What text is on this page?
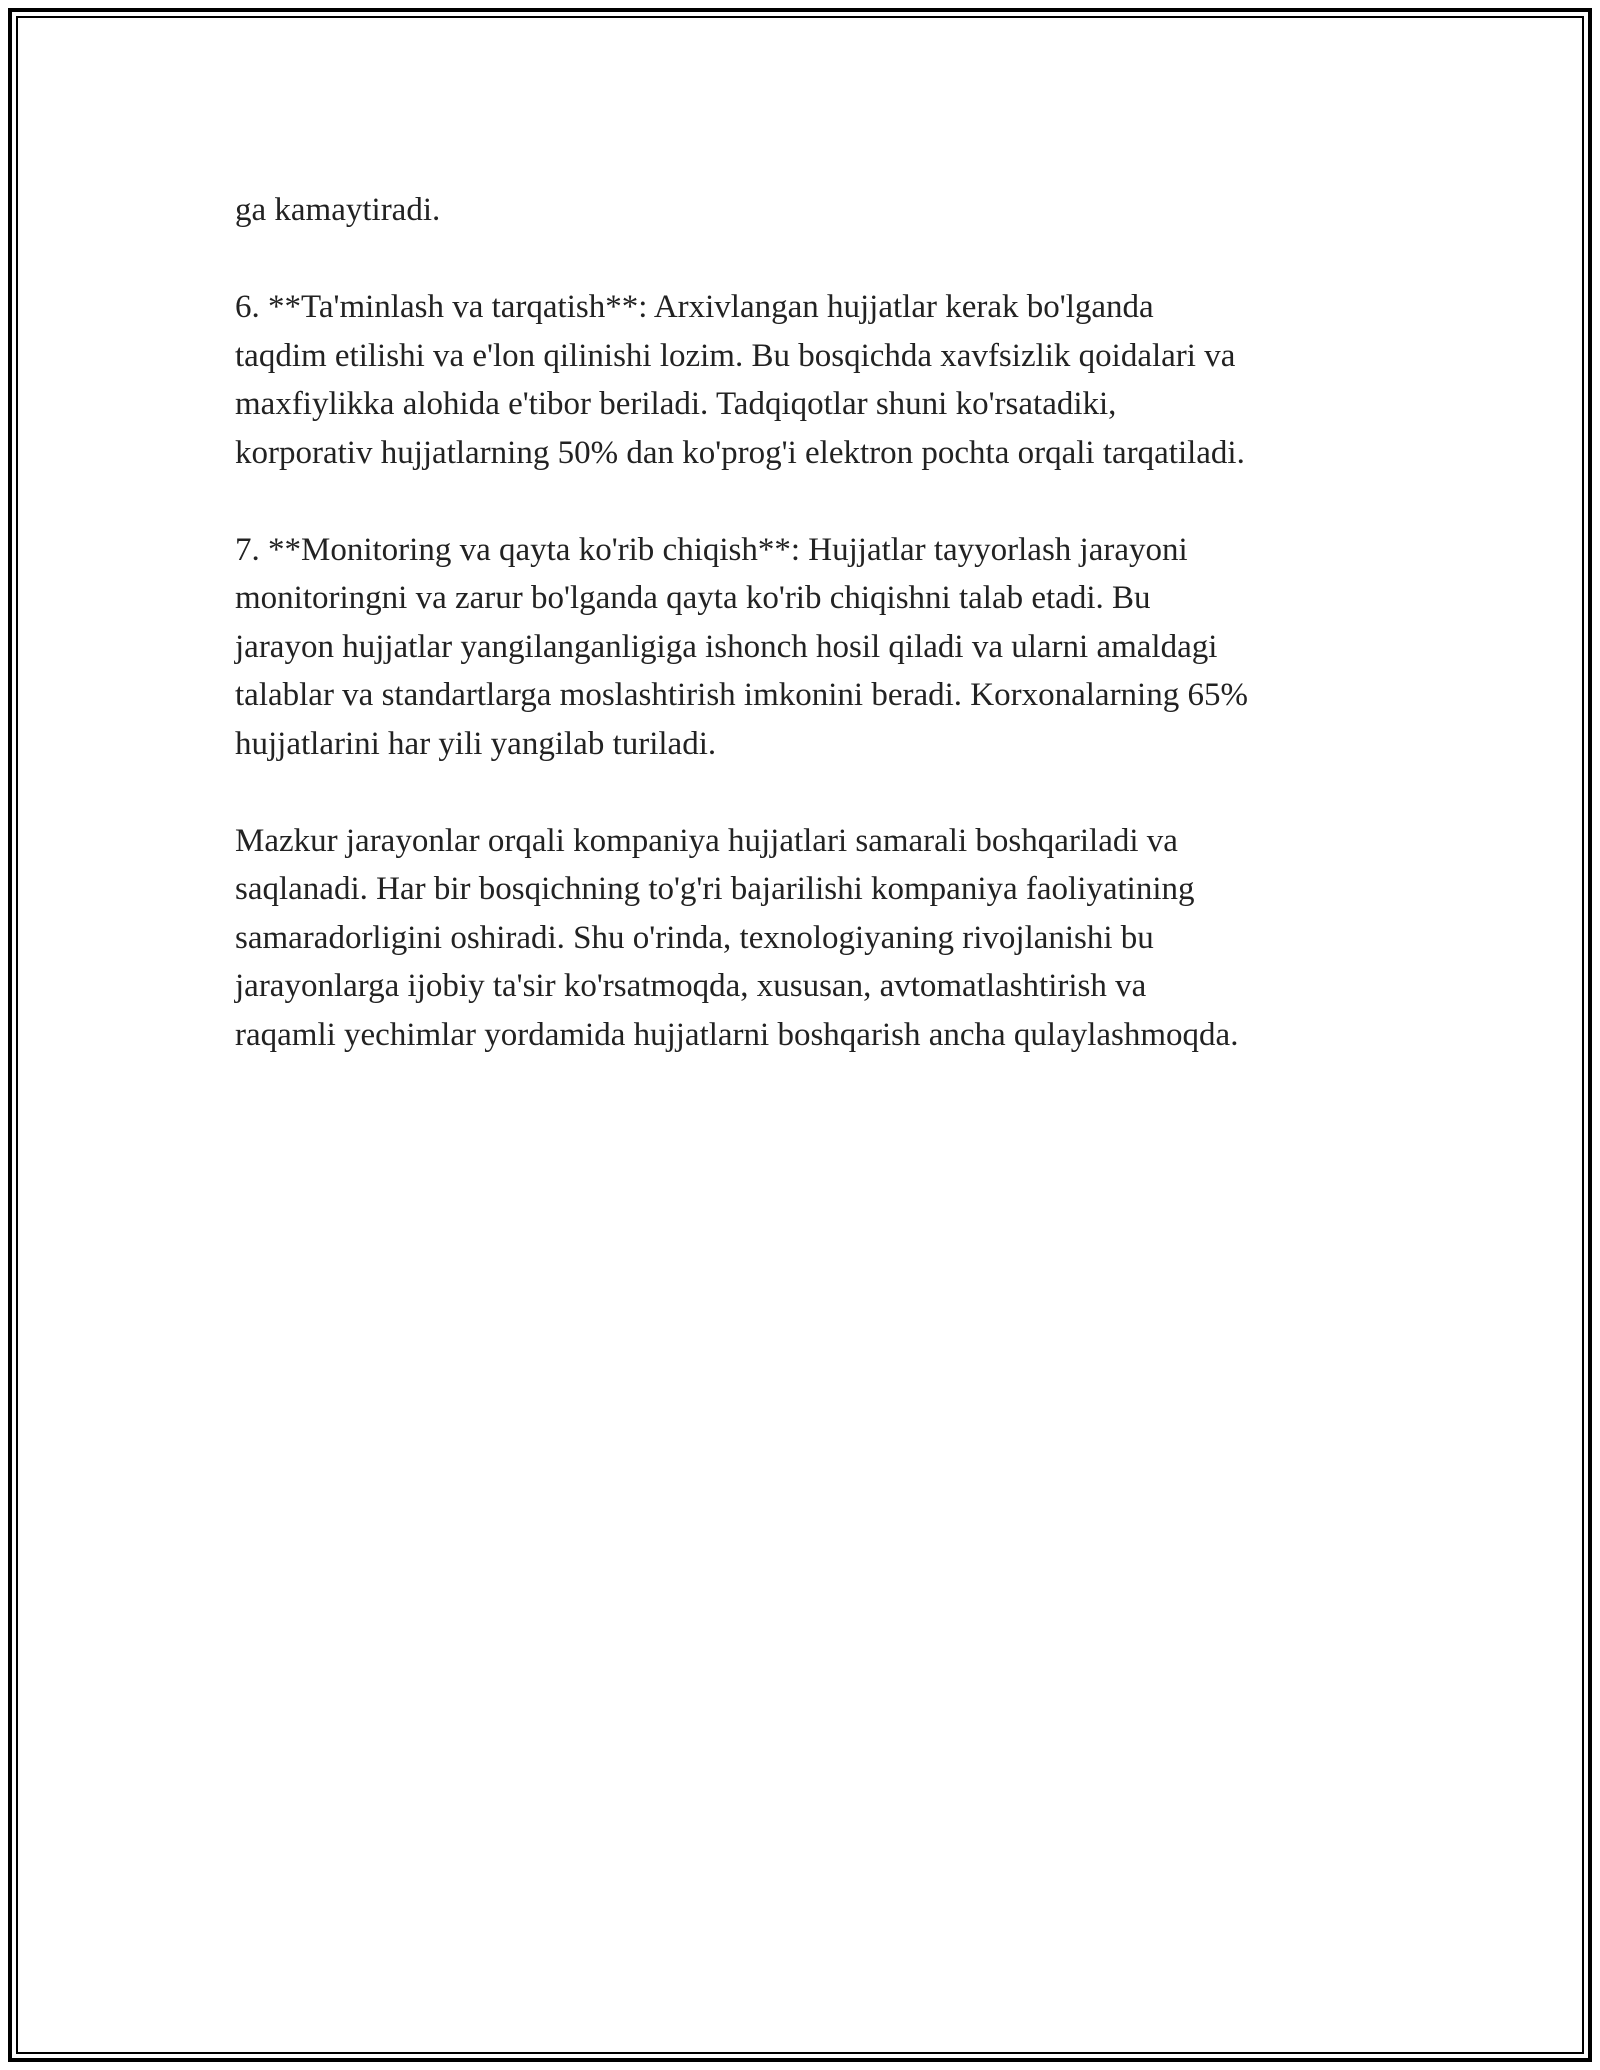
ga kamaytiradi.

6. **Ta'minlash va tarqatish**: Arxivlangan hujjatlar kerak bo'lganda
taqdim etilishi va e'lon qilinishi lozim. Bu bosqichda xavfsizlik qoidalari va
maxfiylikka alohida e'tibor beriladi. Tadqiqotlar shuni ko'rsatadiki,
korporativ hujjatlarning 50% dan ko'prog'i elektron pochta orqali tarqatiladi.

7. **Monitoring va qayta ko'rib chiqish**: Hujjatlar tayyorlash jarayoni
monitoringni va zarur bo'lganda qayta ko'rib chiqishni talab etadi. Bu
jarayon hujjatlar yangilanganligiga ishonch hosil qiladi va ularni amaldagi
talablar va standartlarga moslashtirish imkonini beradi. Korxonalarning 65%
hujjatlarini har yili yangilab turiladi.

Mazkur jarayonlar orqali kompaniya hujjatlari samarali boshqariladi va
saqlanadi. Har bir bosqichning to'g'ri bajarilishi kompaniya faoliyatining
samaradorligini oshiradi. Shu o'rinda, texnologiyaning rivojlanishi bu
jarayonlarga ijobiy ta'sir ko'rsatmoqda, xususan, avtomatlashtirish va
raqamli yechimlar yordamida hujjatlarni boshqarish ancha qulaylashmoqda.
